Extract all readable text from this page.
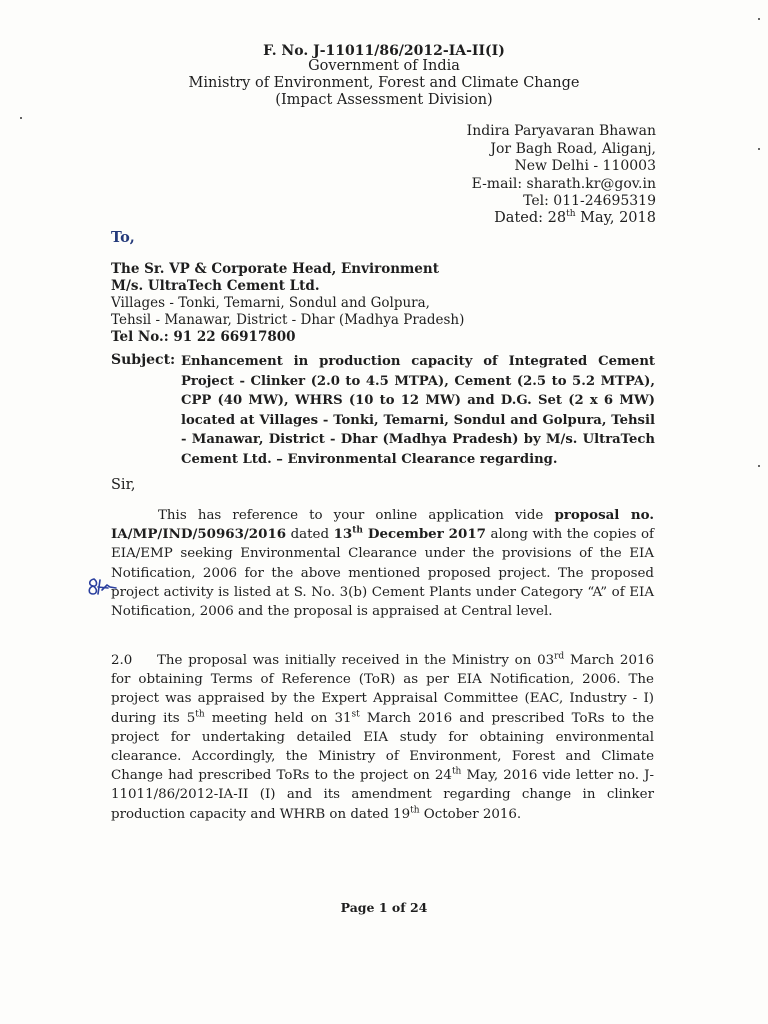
F. No. J-11011/86/2012-IA-II(I)
Government of India
Ministry of Environment, Forest and Climate Change
(Impact Assessment Division)
Indira Paryavaran Bhawan
Jor Bagh Road, Aliganj,
New Delhi - 110003
E-mail: sharath.kr@gov.in
Tel: 011-24695319
Dated: 28th May, 2018
To,
The Sr. VP & Corporate Head, Environment
M/s. UltraTech Cement Ltd.
Villages - Tonki, Temarni, Sondul and Golpura,
Tehsil - Manawar, District - Dhar (Madhya Pradesh)
Tel No.: 91 22 66917800
Subject: Enhancement in production capacity of Integrated Cement Project - Clinker (2.0 to 4.5 MTPA), Cement (2.5 to 5.2 MTPA), CPP (40 MW), WHRS (10 to 12 MW) and D.G. Set (2 x 6 MW) located at Villages - Tonki, Temarni, Sondul and Golpura, Tehsil - Manawar, District - Dhar (Madhya Pradesh) by M/s. UltraTech Cement Ltd. – Environmental Clearance regarding.
Sir,
This has reference to your online application vide proposal no. IA/MP/IND/50963/2016 dated 13th December 2017 along with the copies of EIA/EMP seeking Environmental Clearance under the provisions of the EIA Notification, 2006 for the above mentioned proposed project. The proposed project activity is listed at S. No. 3(b) Cement Plants under Category “A” of EIA Notification, 2006 and the proposal is appraised at Central level.
2.0 The proposal was initially received in the Ministry on 03rd March 2016 for obtaining Terms of Reference (ToR) as per EIA Notification, 2006. The project was appraised by the Expert Appraisal Committee (EAC, Industry - I) during its 5th meeting held on 31st March 2016 and prescribed ToRs to the project for undertaking detailed EIA study for obtaining environmental clearance. Accordingly, the Ministry of Environment, Forest and Climate Change had prescribed ToRs to the project on 24th May, 2016 vide letter no. J-11011/86/2012-IA-II (I) and its amendment regarding change in clinker production capacity and WHRB on dated 19th October 2016.
Page 1 of 24
